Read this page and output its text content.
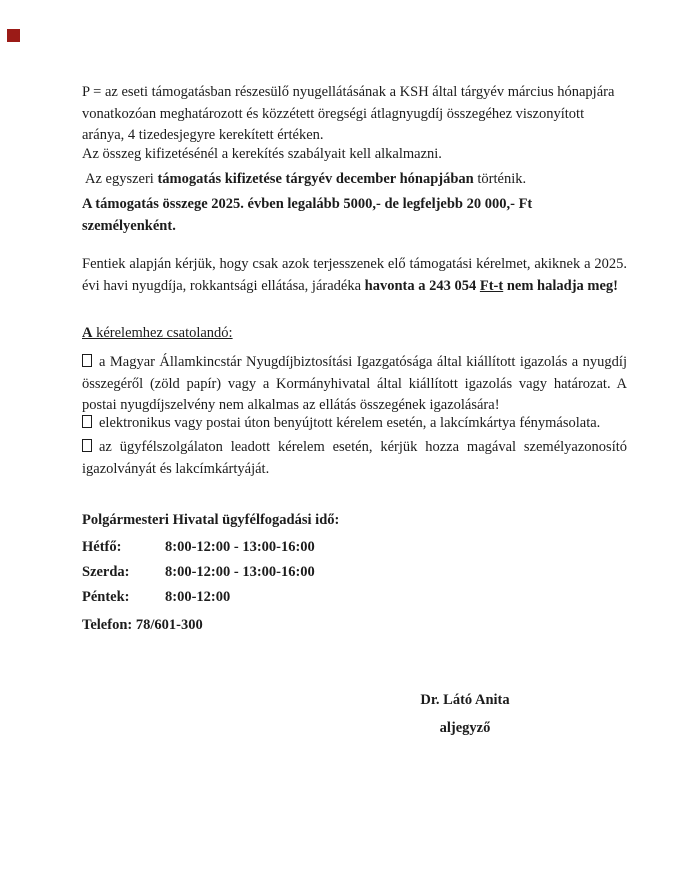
P = az eseti támogatásban részesülő nyugellátásának a KSH által tárgyév március hónapjára vonatkozóan meghatározott és közzétett öregségi átlagnyugdíj összegéhez viszonyított aránya, 4 tizedesjegyre kerekített értéken.

Az összeg kifizetésénél a kerekítés szabályait kell alkalmazni.

Az egyszeri támogatás kifizetése tárgyév december hónapjában történik.

A támogatás összege 2025. évben legalább 5000,- de legfeljebb 20 000,- Ft személyenként.

Fentiek alapján kérjük, hogy csak azok terjesszenek elő támogatási kérelmet, akiknek a 2025. évi havi nyugdíja, rokkantsági ellátása, járadéka havonta a 243 054 Ft-t nem haladja meg!

A kérelemhez csatolandó:

a Magyar Államkincstár Nyugdíjbiztosítási Igazgatósága által kiállított igazolás a nyugdíj összegéről (zöld papír) vagy a Kormányhivatal által kiállított igazolás vagy határozat. A postai nyugdíjszelvény nem alkalmas az ellátás összegének igazolására!

elektronikus vagy postai úton benyújtott kérelem esetén, a lakcímkártya fénymásolata.

az ügyfélszolgálaton leadott kérelem esetén, kérjük hozza magával személyazonosító igazolványát és lakcímkártyáját.

Polgármesteri Hivatal ügyfélfogadási idő:

Hétfő:	8:00-12:00 - 13:00-16:00

Szerda: 8:00-12:00 - 13:00-16:00

Péntek: 8:00-12:00

Telefon: 78/601-300

Dr. Látó Anita

aljegyző
